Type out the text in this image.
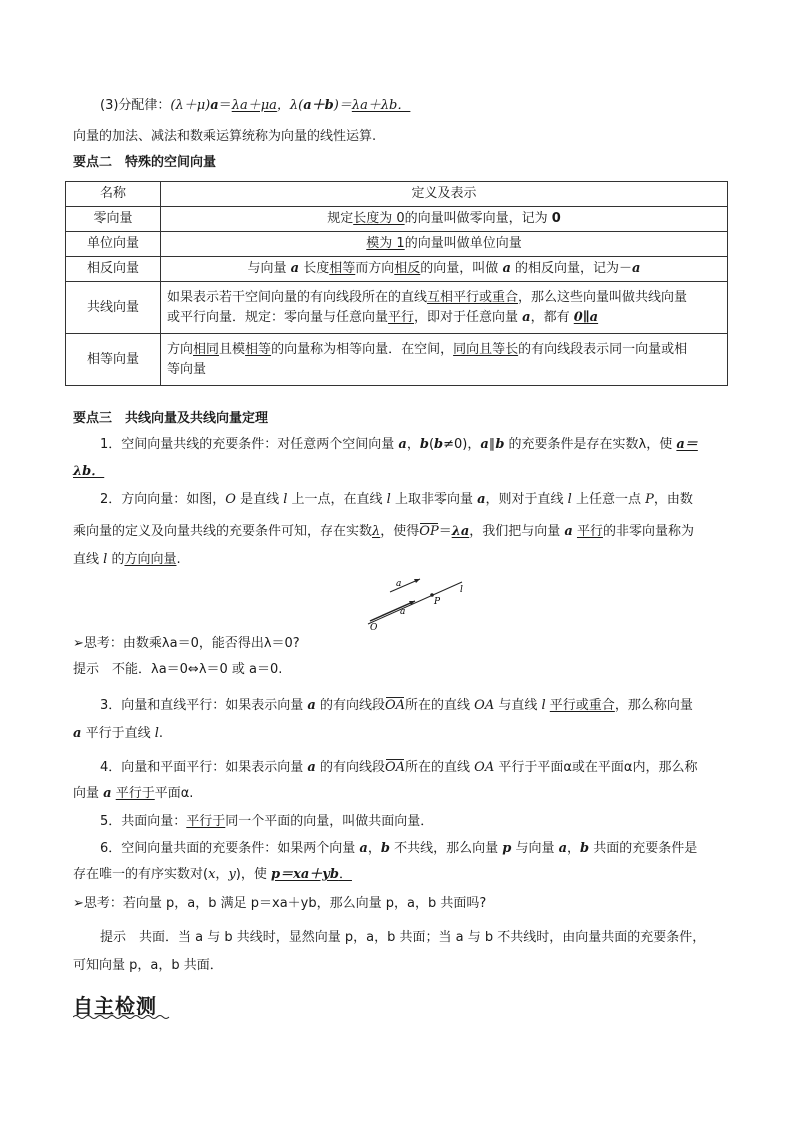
(3)分配律：(λ＋μ)a＝λa＋μa，λ(a＋b)＝λa＋λb．
向量的加法、减法和数乘运算统称为向量的线性运算.
要点二　特殊的空间向量
名称	定义及表示
零向量	规定长度为 0的向量叫做零向量，记为 0
单位向量	模为 1的向量叫做单位向量
相反向量	与向量 a 长度相等而方向相反的向量，叫做 a 的相反向量，记为－a
共线向量	如果表示若干空间向量的有向线段所在的直线互相平行或重合，那么这些向量叫做共线向量
或平行向量．规定：零向量与任意向量平行，即对于任意向量 a，都有 0∥a

相等向量	方向相同且模相等的向量称为相等向量．在空间，同向且等长的有向线段表示同一向量或相
等向量
要点三　共线向量及共线向量定理
1．空间向量共线的充要条件：对任意两个空间向量 a，b(b≠0)，a∥b 的充要条件是存在实数λ，使 a＝
λb．
2．方向向量：如图，O 是直线 l 上一点，在直线 l 上取非零向量 a，则对于直线 l 上任意一点 P，由数
乘向量的定义及向量共线的充要条件可知，存在实数λ，使得OP＝λa，我们把与向量 a 平行的非零向量称为
直线 l 的方向向量.
a
a
P
l
O
➢思考：由数乘λa＝0，能否得出λ＝0?
提示　不能．λa＝0⇔λ＝0 或 a＝0.
3．向量和直线平行：如果表示向量 a 的有向线段OA所在的直线 OA 与直线 l 平行或重合，那么称向量
a 平行于直线 l.
4．向量和平面平行：如果表示向量 a 的有向线段OA所在的直线 OA 平行于平面α或在平面α内，那么称
向量 a 平行于平面α.
5．共面向量：平行于同一个平面的向量，叫做共面向量．
6．空间向量共面的充要条件：如果两个向量 a，b 不共线，那么向量 p 与向量 a，b 共面的充要条件是
存在唯一的有序实数对(x，y)，使 p＝xa＋yb．
➢思考：若向量 p，a，b 满足 p＝xa＋yb，那么向量 p，a，b 共面吗?
提示　共面．当 a 与 b 共线时，显然向量 p，a，b 共面；当 a 与 b 不共线时，由向量共面的充要条件，
可知向量 p，a，b 共面．
自主检测
